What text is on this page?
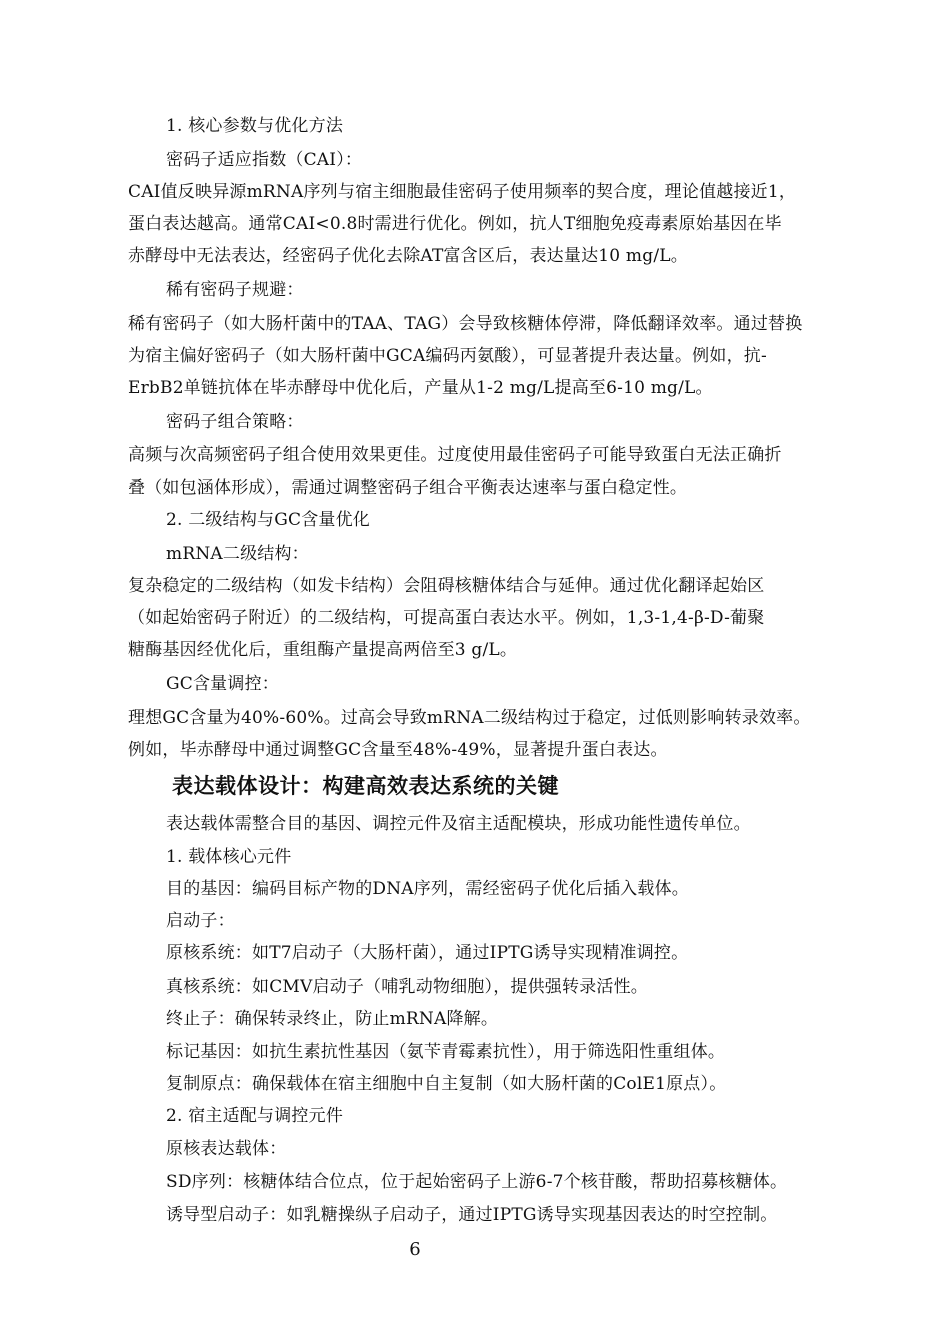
1. 核心参数与优化方法
密码子适应指数（CAI）：
CAI值反映异源mRNA序列与宿主细胞最佳密码子使用频率的契合度，理论值越接近1，
蛋白表达越高。通常CAI<0.8时需进行优化。例如，抗人T细胞免疫毒素原始基因在毕
赤酵母中无法表达，经密码子优化去除AT富含区后，表达量达10 mg/L。
稀有密码子规避：
稀有密码子（如大肠杆菌中的TAA、TAG）会导致核糖体停滞，降低翻译效率。通过替换
为宿主偏好密码子（如大肠杆菌中GCA编码丙氨酸），可显著提升表达量。例如，抗-
ErbB2单链抗体在毕赤酵母中优化后，产量从1-2 mg/L提高至6-10 mg/L。
密码子组合策略：
高频与次高频密码子组合使用效果更佳。过度使用最佳密码子可能导致蛋白无法正确折
叠（如包涵体形成），需通过调整密码子组合平衡表达速率与蛋白稳定性。
2. 二级结构与GC含量优化
mRNA二级结构：
复杂稳定的二级结构（如发卡结构）会阻碍核糖体结合与延伸。通过优化翻译起始区
（如起始密码子附近）的二级结构，可提高蛋白表达水平。例如，1,3-1,4-β-D-葡聚
糖酶基因经优化后，重组酶产量提高两倍至3 g/L。
GC含量调控：
理想GC含量为40%-60%。过高会导致mRNA二级结构过于稳定，过低则影响转录效率。
例如，毕赤酵母中通过调整GC含量至48%-49%，显著提升蛋白表达。
表达载体设计：构建高效表达系统的关键
表达载体需整合目的基因、调控元件及宿主适配模块，形成功能性遗传单位。
1. 载体核心元件
目的基因：编码目标产物的DNA序列，需经密码子优化后插入载体。
启动子：
原核系统：如T7启动子（大肠杆菌），通过IPTG诱导实现精准调控。
真核系统：如CMV启动子（哺乳动物细胞），提供强转录活性。
终止子：确保转录终止，防止mRNA降解。
标记基因：如抗生素抗性基因（氨苄青霉素抗性），用于筛选阳性重组体。
复制原点：确保载体在宿主细胞中自主复制（如大肠杆菌的ColE1原点）。
2. 宿主适配与调控元件
原核表达载体：
SD序列：核糖体结合位点，位于起始密码子上游6-7个核苷酸，帮助招募核糖体。
诱导型启动子：如乳糖操纵子启动子，通过IPTG诱导实现基因表达的时空控制。
6
